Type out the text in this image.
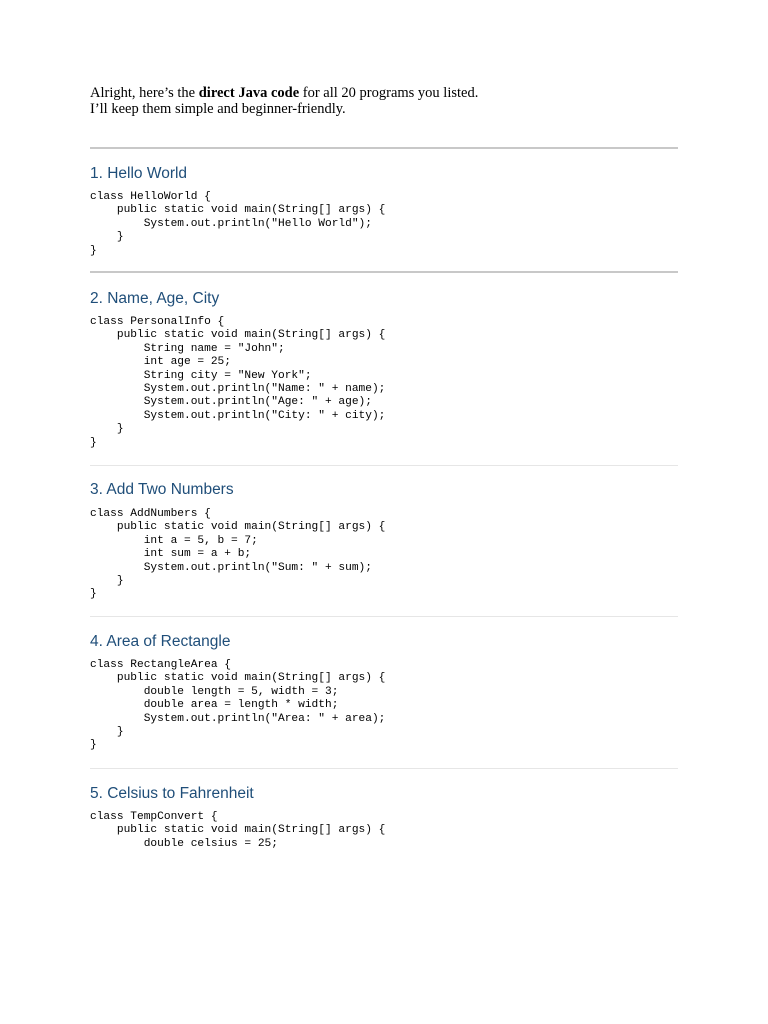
Alright, here’s the direct Java code for all 20 programs you listed.
I’ll keep them simple and beginner-friendly.
1. Hello World
class HelloWorld {
public static void main(String[] args) {
System.out.println("Hello World");
}
}
2. Name, Age, City
class PersonalInfo {
public static void main(String[] args) {
String name = "John";
int age = 25;
String city = "New York";
System.out.println("Name: " + name);
System.out.println("Age: " + age);
System.out.println("City: " + city);
}
}
3. Add Two Numbers
class AddNumbers {
public static void main(String[] args) {
int a = 5, b = 7;
int sum = a + b;
System.out.println("Sum: " + sum);
}
}
4. Area of Rectangle
class RectangleArea {
public static void main(String[] args) {
double length = 5, width = 3;
double area = length * width;
System.out.println("Area: " + area);
}
}
5. Celsius to Fahrenheit
class TempConvert {
public static void main(String[] args) {
double celsius = 25;
